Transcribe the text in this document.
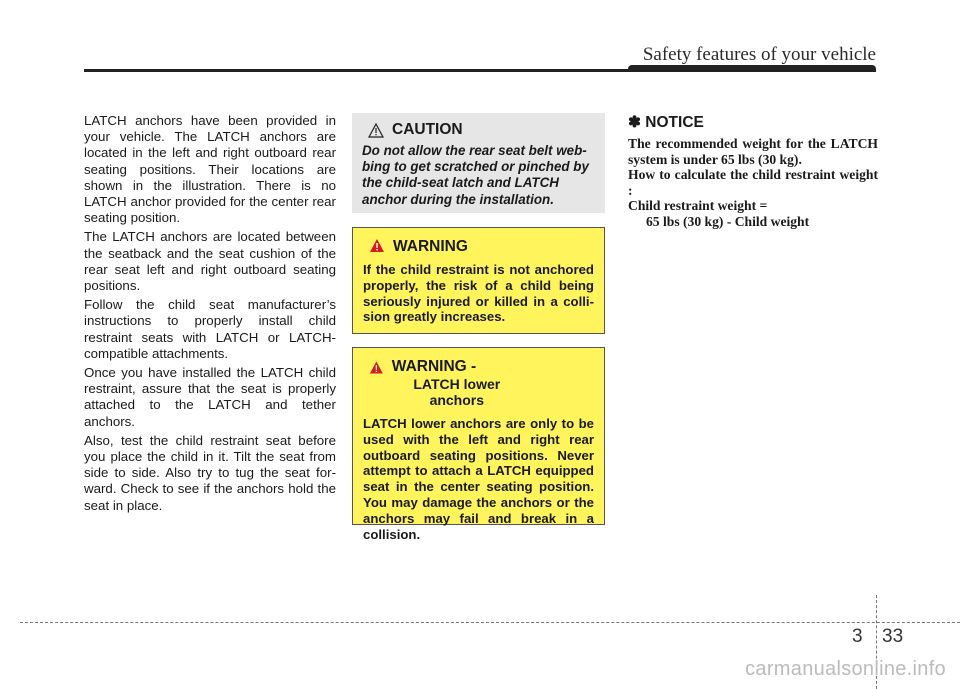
Safety features of your vehicle

LATCH anchors have been provided in your vehicle. The LATCH anchors are located in the left and right outboard rear seating positions. Their locations are shown in the illustration. There is no LATCH anchor provided for the center rear seating position.

The LATCH anchors are located between the seatback and the seat cushion of the rear seat left and right outboard seating positions.

Follow the child seat manufacturer’s instructions to properly install child restraint seats with LATCH or LATCH-compatible attachments.

Once you have installed the LATCH child restraint, assure that the seat is properly attached to the LATCH and tether anchors.

Also, test the child restraint seat before you place the child in it. Tilt the seat from side to side. Also try to tug the seat for-ward. Check to see if the anchors hold the seat in place.

CAUTION
Do not allow the rear seat belt web-bing to get scratched or pinched by the child-seat latch and LATCH anchor during the installation.
WARNING
If the child restraint is not anchored properly, the risk of a child being seriously injured or killed in a colli-sion greatly increases.
WARNING - LATCH lower anchors
LATCH lower anchors are only to be used with the left and right rear outboard seating positions. Never attempt to attach a LATCH equipped seat in the center seating position. You may damage the anchors or the anchors may fail and break in a collision.
✽ NOTICE
The recommended weight for the LATCH system is under 65 lbs (30 kg).
How to calculate the child restraint weight :
Child restraint weight =
65 lbs (30 kg) - Child weight
3 33
carmanualsonline.info
